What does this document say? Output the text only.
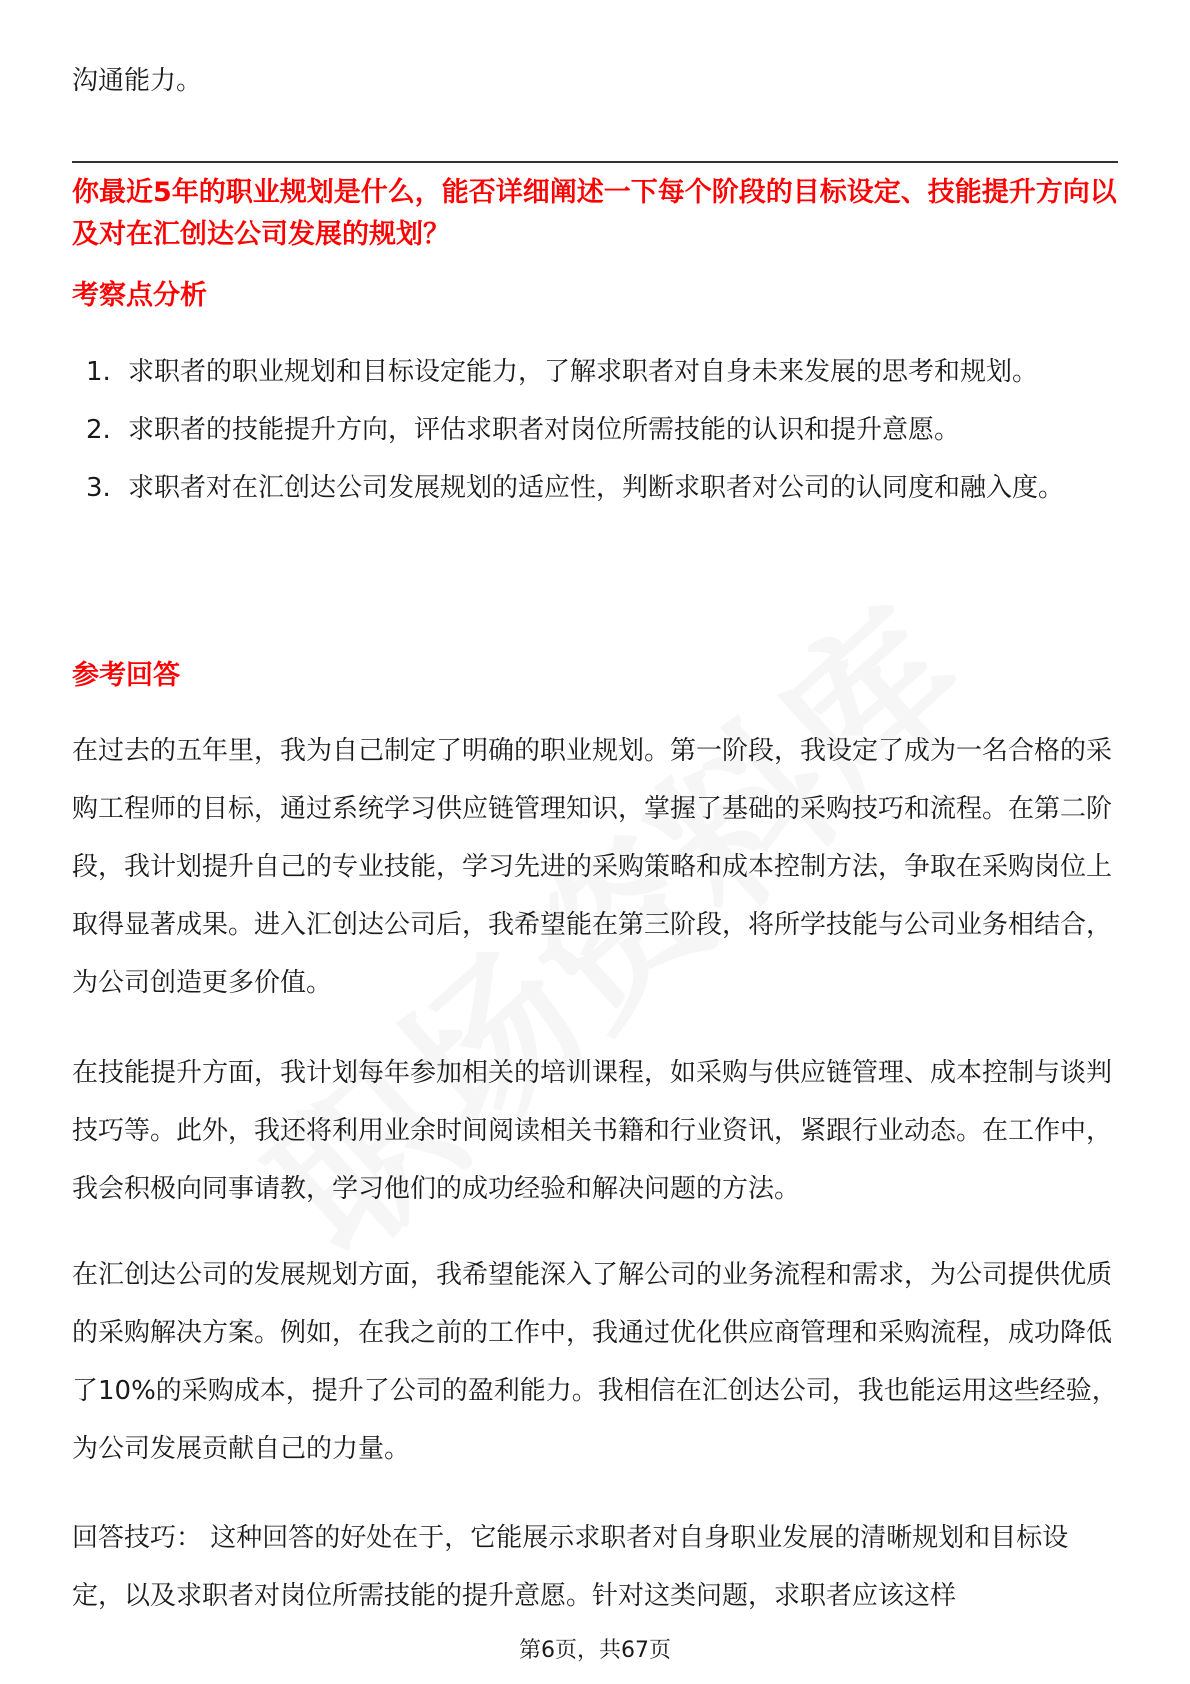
沟通能力。

你最近5年的职业规划是什么，能否详细阐述一下每个阶段的目标设定、技能提升方向以及对在汇创达公司发展的规划？
考察点分析
1. 求职者的职业规划和目标设定能力，了解求职者对自身未来发展的思考和规划。
2. 求职者的技能提升方向，评估求职者对岗位所需技能的认识和提升意愿。
3. 求职者对在汇创达公司发展规划的适应性，判断求职者对公司的认同度和融入度。
参考回答

在过去的五年里，我为自己制定了明确的职业规划。第一阶段，我设定了成为一名合格的采购工程师的目标，通过系统学习供应链管理知识，掌握了基础的采购技巧和流程。在第二阶段，我计划提升自己的专业技能，学习先进的采购策略和成本控制方法，争取在采购岗位上取得显著成果。进入汇创达公司后，我希望能在第三阶段，将所学技能与公司业务相结合，为公司创造更多价值。

在技能提升方面，我计划每年参加相关的培训课程，如采购与供应链管理、成本控制与谈判技巧等。此外，我还将利用业余时间阅读相关书籍和行业资讯，紧跟行业动态。在工作中，我会积极向同事请教，学习他们的成功经验和解决问题的方法。

在汇创达公司的发展规划方面，我希望能深入了解公司的业务流程和需求，为公司提供优质的采购解决方案。例如，在我之前的工作中，我通过优化供应商管理和采购流程，成功降低了10%的采购成本，提升了公司的盈利能力。我相信在汇创达公司，我也能运用这些经验，为公司发展贡献自己的力量。

回答技巧： 这种回答的好处在于，它能展示求职者对自身职业发展的清晰规划和目标设定，以及求职者对岗位所需技能的提升意愿。针对这类问题，求职者应该这样

第6页，共67页
